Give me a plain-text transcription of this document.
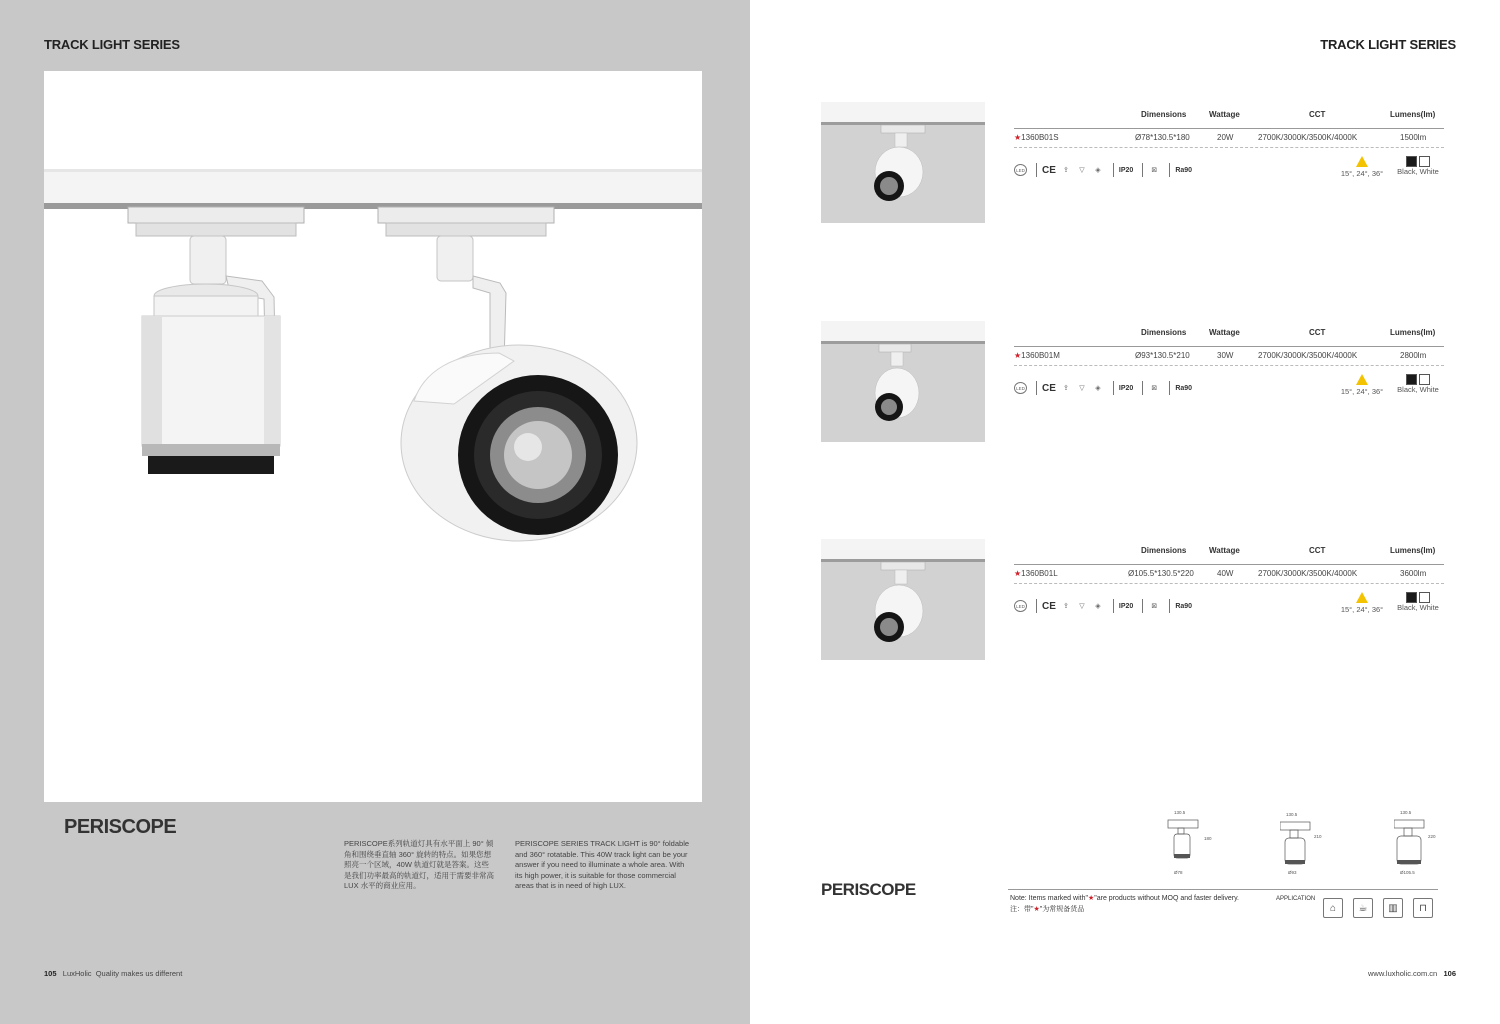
TRACK LIGHT SERIES
PERISCOPE
PERISCOPE系列轨道灯具有水平面上 90° 倾角和围绕垂直轴 360° 旋转的特点。如果您想照亮一个区域，40W 轨道灯就是答案。这些是我们功率最高的轨道灯，适用于需要非常高 LUX 水平的商业应用。
PERISCOPE SERIES TRACK LIGHT is 90° foldable and 360° rotatable. This 40W track light can be your answer if you need to illuminate a whole area. With its high power, it is suitable for those commercial areas that is in need of high LUX.
105 LuxHolic Quality makes us different
TRACK LIGHT SERIES
Dimensions	Wattage	CCT	Lumens(lm)
★1360B01S	Ø78*130.5*180	20W	2700K/3000K/3500K/4000K	1500lm
LED CE	⇪	▽	◈	IP20	⊠	Ra90	15°, 24°, 36°
	Black, White
Dimensions	Wattage	CCT	Lumens(lm)
★1360B01M	Ø93*130.5*210	30W	2700K/3000K/3500K/4000K	2800lm
LED CE	⇪	▽	◈	IP20	⊠	Ra90	15°, 24°, 36°
	Black, White
Dimensions	Wattage	CCT	Lumens(lm)
★1360B01L	Ø105.5*130.5*220	40W	2700K/3000K/3500K/4000K	3600lm
LED CE	⇪	▽	◈	IP20	⊠	Ra90	15°, 24°, 36°
	Black, White
130.5
180
Ø78
130.5
210
Ø93
130.5
220
Ø105.5
PERISCOPE	Note: Items marked with"★"are products without MOQ and faster delivery.
注：带"★"为常规备货品
APPLICATION
⌂	☕	▥	⊓
www.luxholic.com.cn 106
